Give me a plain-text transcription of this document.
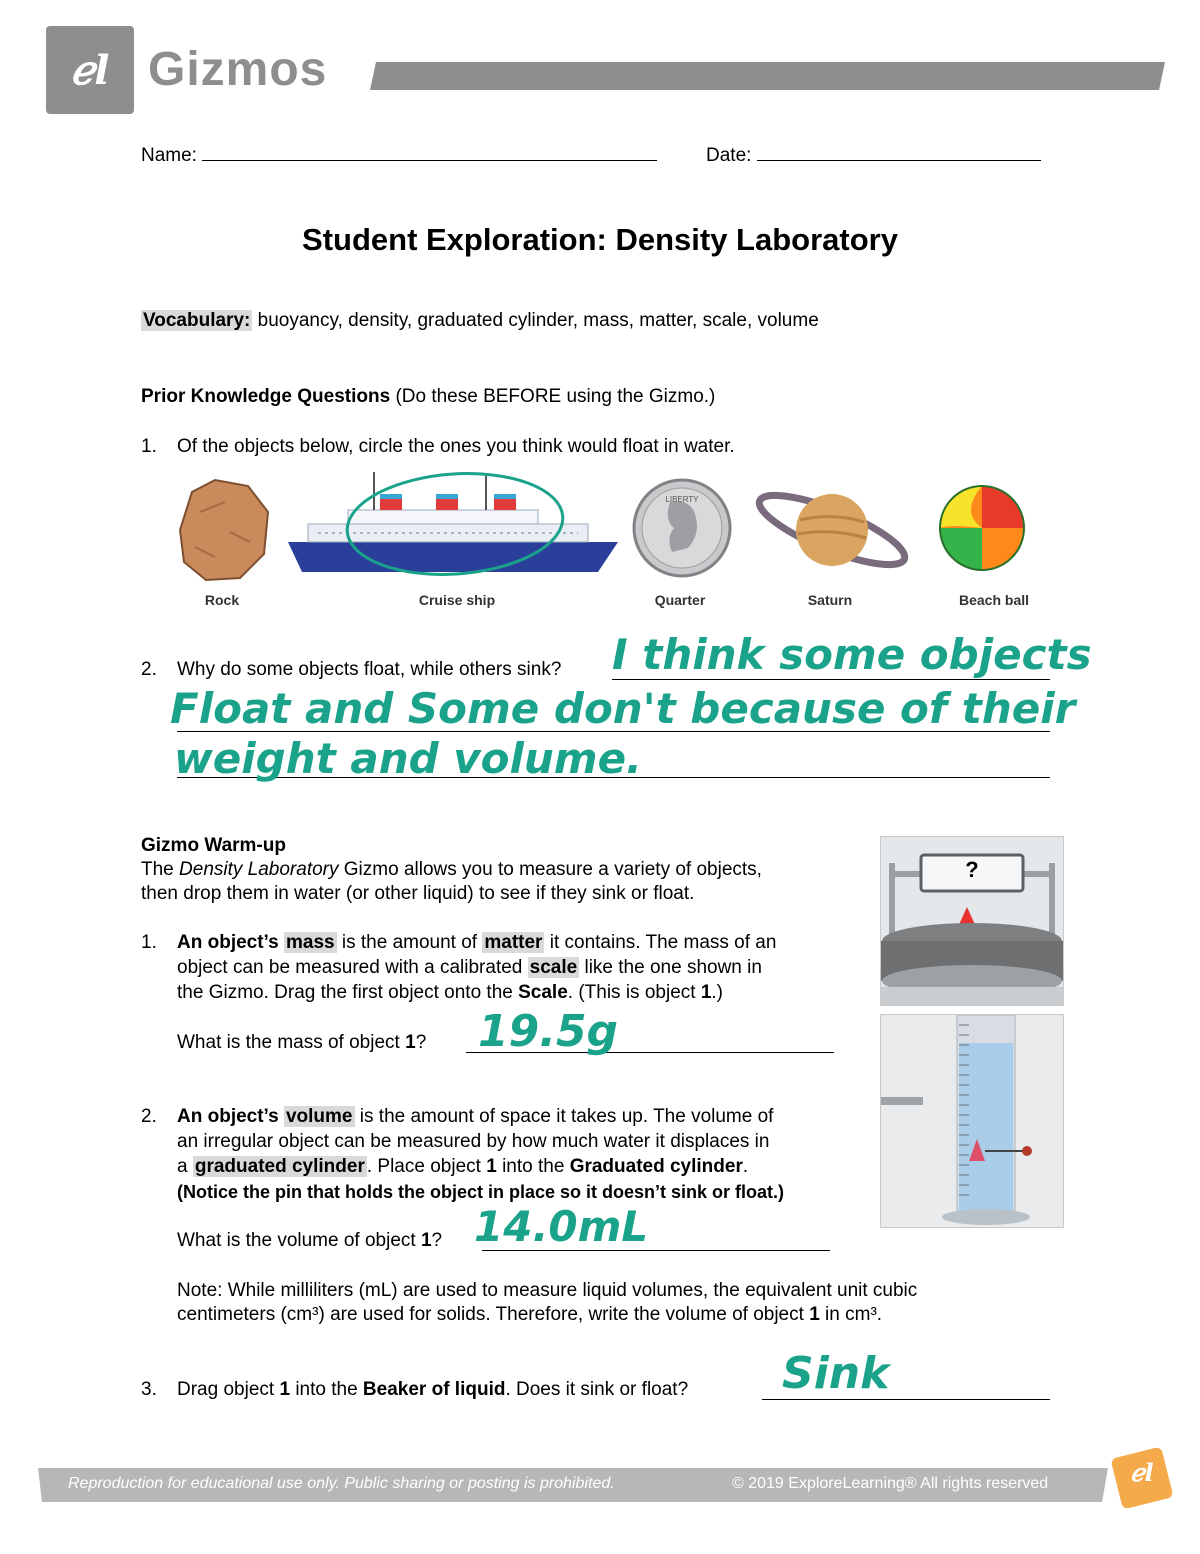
ℯl Gizmos
Name:	Date:
Student Exploration: Density Laboratory
Vocabulary: buoyancy, density, graduated cylinder, mass, matter, scale, volume
Prior Knowledge Questions (Do these BEFORE using the Gizmo.)
1. Of the objects below, circle the ones you think would float in water.
LIBERTY
Rock	Cruise ship	Quarter	Saturn	Beach ball
2. Why do some objects float, while others sink? I think some objects
Float and Some don't because of their
weight and volume.
Gizmo Warm-up
The Density Laboratory Gizmo allows you to measure a variety of objects,
then drop them in water (or other liquid) to see if they sink or float.
?
1. An object’s mass is the amount of matter it contains. The mass of an
object can be measured with a calibrated scale like the one shown in
the Gizmo. Drag the first object onto the Scale. (This is object 1.)
What is the mass of object 1? 19.5g
2. An object’s volume is the amount of space it takes up. The volume of
an irregular object can be measured by how much water it displaces in
a graduated cylinder . Place object 1 into the Graduated cylinder.
(Notice the pin that holds the object in place so it doesn’t sink or float.)
What is the volume of object 1? 14.0mL
Note: While milliliters (mL) are used to measure liquid volumes, the equivalent unit cubic
centimeters (cm³) are used for solids. Therefore, write the volume of object 1 in cm³.
3. Drag object 1 into the Beaker of liquid. Does it sink or float? Sink
Reproduction for educational use only. Public sharing or posting is prohibited.	© 2019 ExploreLearning® All rights reserved	ℯl
